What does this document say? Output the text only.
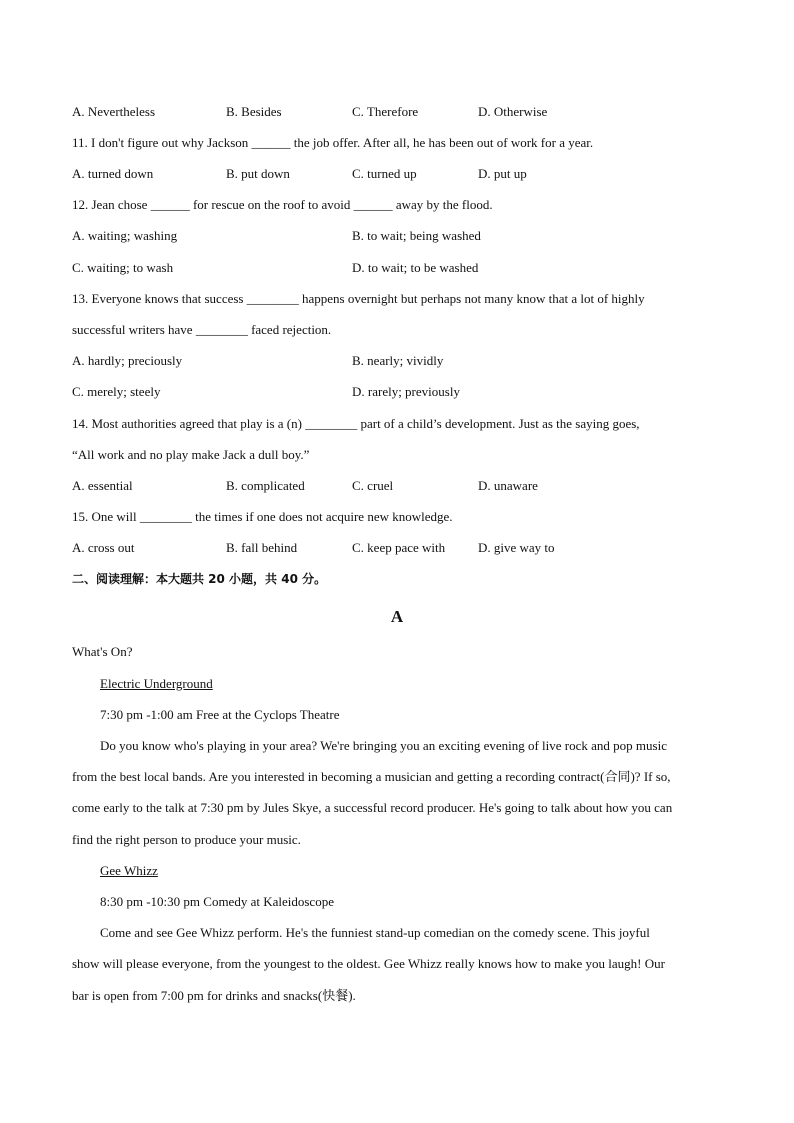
A. Nevertheless	B. Besides	C. Therefore	D. Otherwise
11. I don't figure out why Jackson ______ the job offer. After all, he has been out of work for a year.
A. turned down	B. put down	C. turned up	D. put up
12. Jean chose ______ for rescue on the roof to avoid ______ away by the flood.
A. waiting; washing	B. to wait; being washed
C. waiting; to wash	D. to wait; to be washed
13. Everyone knows that success ________ happens overnight but perhaps not many know that a lot of highly
successful writers have ________ faced rejection.
A. hardly; preciously	B. nearly; vividly
C. merely; steely	D. rarely; previously
14. Most authorities agreed that play is a (n) ________ part of a child’s development. Just as the saying goes,
“All work and no play make Jack a dull boy.”
A. essential	B. complicated	C. cruel	D. unaware
15. One will ________ the times if one does not acquire new knowledge.
A. cross out	B. fall behind	C. keep pace with	D. give way to
二、阅读理解：本大题共 20 小题，共 40 分。
A
What's On?
Electric Underground
7:30 pm -1:00 am Free at the Cyclops Theatre
Do you know who's playing in your area? We're bringing you an exciting evening of live rock and pop music
from the best local bands. Are you interested in becoming a musician and getting a recording contract(合同)? If so,
come early to the talk at 7:30 pm by Jules Skye, a successful record producer. He's going to talk about how you can
find the right person to produce your music.
Gee Whizz
8:30 pm -10:30 pm Comedy at Kaleidoscope
Come and see Gee Whizz perform. He's the funniest stand-up comedian on the comedy scene. This joyful
show will please everyone, from the youngest to the oldest. Gee Whizz really knows how to make you laugh! Our
bar is open from 7:00 pm for drinks and snacks(快餐).
